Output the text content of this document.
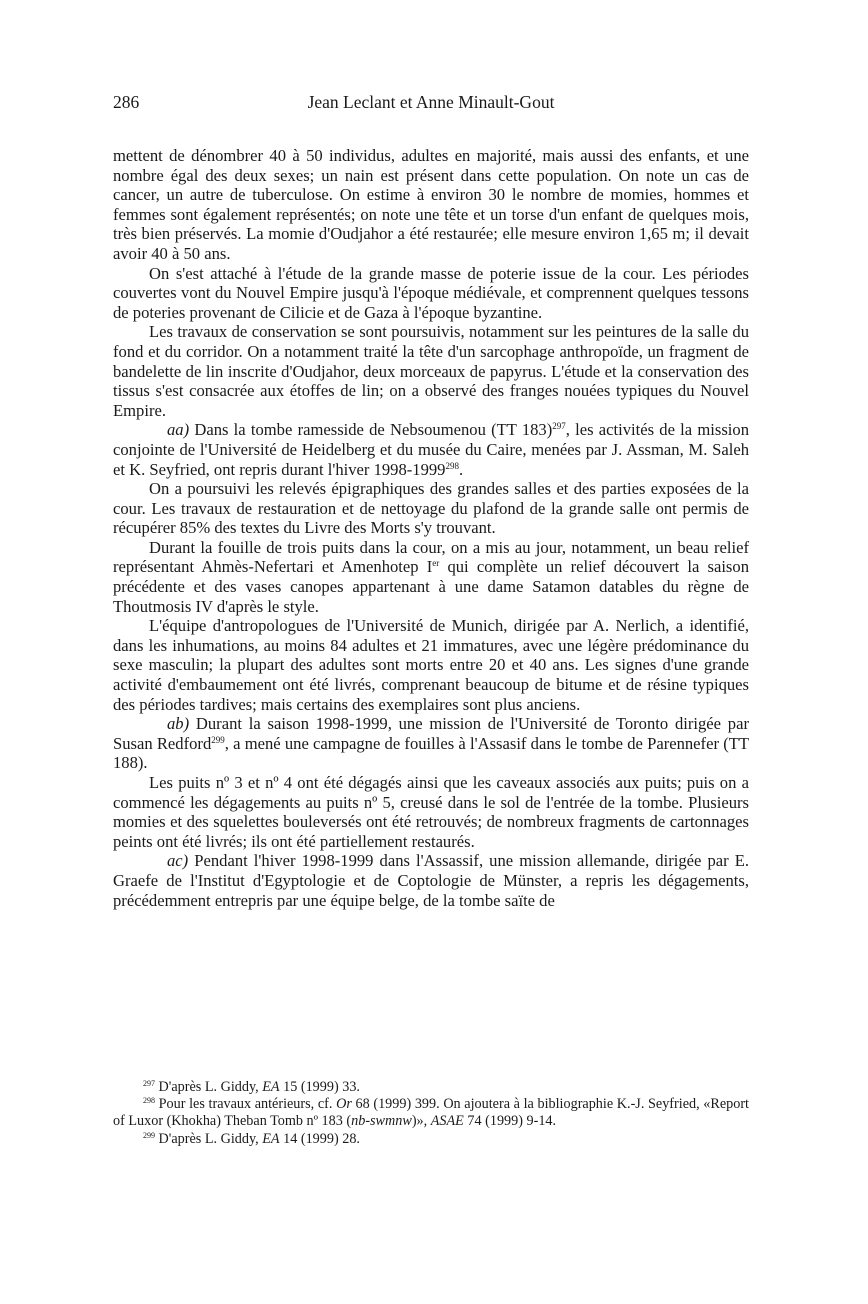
286	Jean Leclant et Anne Minault-Gout

mettent de dénombrer 40 à 50 individus, adultes en majorité, mais aussi des enfants, et une nombre égal des deux sexes; un nain est présent dans cette population. On note un cas de cancer, un autre de tuberculose. On estime à environ 30 le nombre de momies, hommes et femmes sont également représentés; on note une tête et un torse d'un enfant de quelques mois, très bien préservés. La momie d'Oudjahor a été restaurée; elle mesure environ 1,65 m; il devait avoir 40 à 50 ans.

On s'est attaché à l'étude de la grande masse de poterie issue de la cour. Les périodes couvertes vont du Nouvel Empire jusqu'à l'époque médiévale, et comprennent quelques tessons de poteries provenant de Cilicie et de Gaza à l'époque byzantine.

Les travaux de conservation se sont poursuivis, notamment sur les peintures de la salle du fond et du corridor. On a notamment traité la tête d'un sarcophage anthropoïde, un fragment de bandelette de lin inscrite d'Oudjahor, deux morceaux de papyrus. L'étude et la conservation des tissus s'est consacrée aux étoffes de lin; on a observé des franges nouées typiques du Nouvel Empire.

aa) Dans la tombe ramesside de Nebsoumenou (TT 183)$^{297}$, les activités de la mission conjointe de l'Université de Heidelberg et du musée du Caire, menées par J. Assman, M. Saleh et K. Seyfried, ont repris durant l'hiver 1998-1999$^{298}$.

On a poursuivi les relevés épigraphiques des grandes salles et des parties exposées de la cour. Les travaux de restauration et de nettoyage du plafond de la grande salle ont permis de récupérer 85% des textes du Livre des Morts s'y trouvant.

Durant la fouille de trois puits dans la cour, on a mis au jour, notamment, un beau relief représentant Ahmès-Nefertari et Amenhotep Ier qui complète un relief découvert la saison précédente et des vases canopes appartenant à une dame Satamon datables du règne de Thoutmosis IV d'après le style.

L'équipe d'antropologues de l'Université de Munich, dirigée par A. Nerlich, a identifié, dans les inhumations, au moins 84 adultes et 21 immatures, avec une légère prédominance du sexe masculin; la plupart des adultes sont morts entre 20 et 40 ans. Les signes d'une grande activité d'embaumement ont été livrés, comprenant beaucoup de bitume et de résine typiques des périodes tardives; mais certains des exemplaires sont plus anciens.

ab) Durant la saison 1998-1999, une mission de l'Université de Toronto dirigée par Susan Redford$^{299}$, a mené une campagne de fouilles à l'Assasif dans le tombe de Parennefer (TT 188).

Les puits nº 3 et nº 4 ont été dégagés ainsi que les caveaux associés aux puits; puis on a commencé les dégagements au puits nº 5, creusé dans le sol de l'entrée de la tombe. Plusieurs momies et des squelettes bouleversés ont été retrouvés; de nombreux fragments de cartonnages peints ont été livrés; ils ont été partiellement restaurés.

ac) Pendant l'hiver 1998-1999 dans l'Assassif, une mission allemande, dirigée par E. Graefe de l'Institut d'Egyptologie et de Coptologie de Münster, a repris les dégagements, précédemment entrepris par une équipe belge, de la tombe saïte de

$^{297}$ D'après L. Giddy, EA 15 (1999) 33.

$^{298}$ Pour les travaux antérieurs, cf. Or 68 (1999) 399. On ajoutera à la bibliographie K.-J. Seyfried, «Report of Luxor (Khokha) Theban Tomb nº 183 (nb-swmnw)», ASAE 74 (1999) 9-14.

$^{299}$ D'après L. Giddy, EA 14 (1999) 28.
